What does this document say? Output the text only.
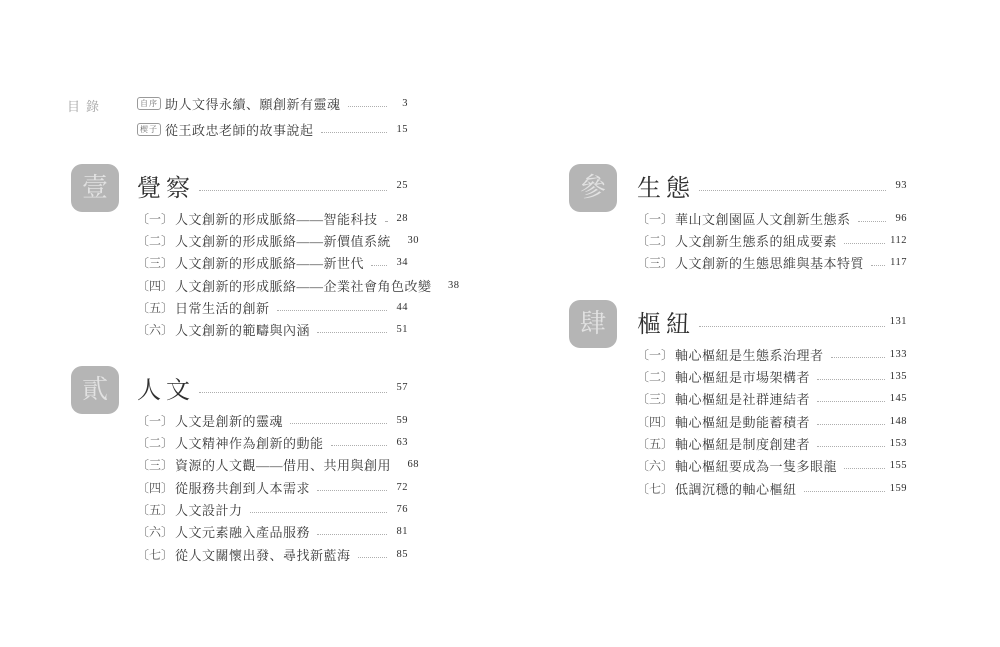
目錄	自序 助人文得永續、願創新有靈魂	3
楔子 從王政忠老師的故事說起	15
壹	覺察	25
〔一〕 人文創新的形成脈絡——智能科技	28
〔二〕 人文創新的形成脈絡——新價值系統	30
〔三〕 人文創新的形成脈絡——新世代	34
〔四〕 人文創新的形成脈絡——企業社會角色改變	38
〔五〕 日常生活的創新	44
〔六〕 人文創新的範疇與內涵	51
貳	人文	57
〔一〕 人文是創新的靈魂	59
〔二〕 人文精神作為創新的動能	63
〔三〕 資源的人文觀——借用、共用與創用	68
〔四〕 從服務共創到人本需求	72
〔五〕 人文設計力	76
〔六〕 人文元素融入產品服務	81
〔七〕 從人文關懷出發、尋找新藍海	85
參	生態	93
〔一〕 華山文創園區人文創新生態系	96
〔二〕 人文創新生態系的組成要素	112
〔三〕 人文創新的生態思維與基本特質 117
肆	樞紐	131
〔一〕 軸心樞紐是生態系治理者	133
〔二〕 軸心樞紐是市場架構者	135
〔三〕 軸心樞紐是社群連結者	145
〔四〕 軸心樞紐是動能蓄積者	148
〔五〕 軸心樞紐是制度創建者	153
〔六〕 軸心樞紐要成為一隻多眼龍	155
〔七〕 低調沉穩的軸心樞紐	159
